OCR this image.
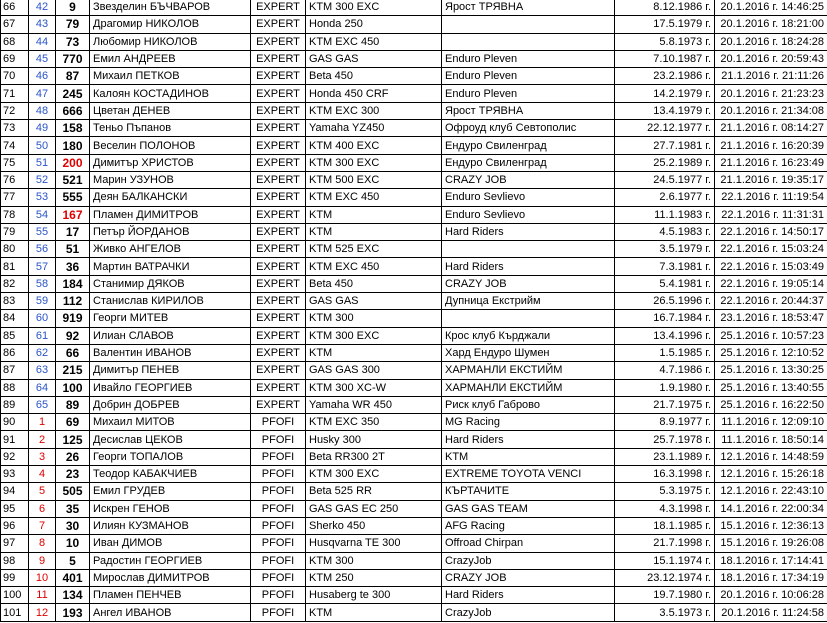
66	42	9	Звезделин БЪЧВАРОВ	EXPERT	KTM 300 EXC	Ярост ТРЯВНА	8.12.1986 г.	20.1.2016 г. 14:46:25
67	43	79	Драгомир НИКОЛОВ	EXPERT	Honda 250		17.5.1979 г.	20.1.2016 г. 18:21:00
68	44	73	Любомир НИКОЛОВ	EXPERT	KTM EXC 450		5.8.1973 г.	20.1.2016 г. 18:24:28
69	45	770	Емил АНДРЕЕВ	EXPERT	GAS GAS	Enduro Pleven	7.10.1987 г.	20.1.2016 г. 20:59:43
70	46	87	Михаил ПЕТКОВ	EXPERT	Beta 450	Enduro Pleven	23.2.1986 г.	21.1.2016 г. 21:11:26
71	47	245	Калоян КОСТАДИНОВ	EXPERT	Honda 450 CRF	Enduro Pleven	14.2.1979 г.	20.1.2016 г. 21:23:23
72	48	666	Цветан ДЕНЕВ	EXPERT	KTM EXC 300	Ярост ТРЯВНА	13.4.1979 г.	20.1.2016 г. 21:34:08
73	49	158	Теньо Пъпанов	EXPERT	Yamaha YZ450	Офроуд клуб Севтополис	22.12.1977 г.	21.1.2016 г. 08:14:27
74	50	180	Веселин ПОЛОНОВ	EXPERT	KTM 400 EXC	Ендуро Свиленград	27.7.1981 г.	21.1.2016 г. 16:20:39
75	51	200	Димитър ХРИСТОВ	EXPERT	KTM 300 EXC	Ендуро Свиленград	25.2.1989 г.	21.1.2016 г. 16:23:49
76	52	521	Марин УЗУНОВ	EXPERT	KTM 500 EXC	CRAZY JOB	24.5.1977 г.	21.1.2016 г. 19:35:17
77	53	555	Деян БАЛКАНСКИ	EXPERT	KTM EXC 450	Enduro Sevlievo	2.6.1977 г.	22.1.2016 г. 11:19:54
78	54	167	Пламен ДИМИТРОВ	EXPERT	KTM	Enduro Sevlievo	11.1.1983 г.	22.1.2016 г. 11:31:31
79	55	17	Петър ЙОРДАНОВ	EXPERT	KTM	Hard Riders	4.5.1983 г.	22.1.2016 г. 14:50:17
80	56	51	Живко АНГЕЛОВ	EXPERT	KTM 525 EXC		3.5.1979 г.	22.1.2016 г. 15:03:24
81	57	36	Мартин ВАТРАЧКИ	EXPERT	KTM EXC 450	Hard Riders	7.3.1981 г.	22.1.2016 г. 15:03:49
82	58	184	Станимир ДЯКОВ	EXPERT	Beta 450	CRAZY JOB	5.4.1981 г.	22.1.2016 г. 19:05:14
83	59	112	Станислав КИРИЛОВ	EXPERT	GAS GAS	Дупница Екстрийм	26.5.1996 г.	22.1.2016 г. 20:44:37
84	60	919	Георги МИТЕВ	EXPERT	KTM 300		16.7.1984 г.	23.1.2016 г. 18:53:47
85	61	92	Илиан СЛАВОВ	EXPERT	KTM 300 EXC	Крос клуб Кърджали	13.4.1996 г.	25.1.2016 г. 10:57:23
86	62	66	Валентин ИВАНОВ	EXPERT	KTM	Хард Ендуро Шумен	1.5.1985 г.	25.1.2016 г. 12:10:52
87	63	215	Димитър ПЕНЕВ	EXPERT	GAS GAS 300	ХАРМАНЛИ ЕКСТИЙМ	4.7.1986 г.	25.1.2016 г. 13:30:25
88	64	100	Ивайло ГЕОРГИЕВ	EXPERT	KTM 300 XC-W	ХАРМАНЛИ ЕКСТИЙМ	1.9.1980 г.	25.1.2016 г. 13:40:55
89	65	89	Добрин ДОБРЕВ	EXPERT	Yamaha WR 450	Риск клуб Габрово	21.7.1975 г.	25.1.2016 г. 16:22:50
90	1	69	Михаил МИТОВ	PFOFI	KTM EXC 350	MG Racing	8.9.1977 г.	11.1.2016 г. 12:09:10
91	2	125	Десислав ЦЕКОВ	PFOFI	Husky 300	Hard Riders	25.7.1978 г.	11.1.2016 г. 18:50:14
92	3	26	Георги ТОПАЛОВ	PFOFI	Beta RR300 2T	KTM	23.1.1989 г.	12.1.2016 г. 14:48:59
93	4	23	Теодор КАБАКЧИЕВ	PFOFI	KTM 300 EXC	EXTREME TOYOTA VENCI	16.3.1998 г.	12.1.2016 г. 15:26:18
94	5	505	Емил ГРУДЕВ	PFOFI	Beta 525 RR	КЪРТАЧИТЕ	5.3.1975 г.	12.1.2016 г. 22:43:10
95	6	35	Искрен ГЕНОВ	PFOFI	GAS GAS EC 250	GAS GAS TEAM	4.3.1998 г.	14.1.2016 г. 22:00:34
96	7	30	Илиян КУЗМАНОВ	PFOFI	Sherko 450	AFG Racing	18.1.1985 г.	15.1.2016 г. 12:36:13
97	8	10	Иван ДИМОВ	PFOFI	Husqvarna TE 300	Offroad Chirpan	21.7.1998 г.	15.1.2016 г. 19:26:08
98	9	5	Радостин ГЕОРГИЕВ	PFOFI	KTM 300	CrazyJob	15.1.1974 г.	18.1.2016 г. 17:14:41
99	10	401	Мирослав ДИМИТРОВ	PFOFI	KTM 250	CRAZY JOB	23.12.1974 г.	18.1.2016 г. 17:34:19
100	11	134	Пламен ПЕНЧЕВ	PFOFI	Husaberg te 300	Hard Riders	19.7.1980 г.	20.1.2016 г. 10:06:28
101	12	193	Ангел ИВАНОВ	PFOFI	KTM	CrazyJob	3.5.1973 г.	20.1.2016 г. 11:24:58
